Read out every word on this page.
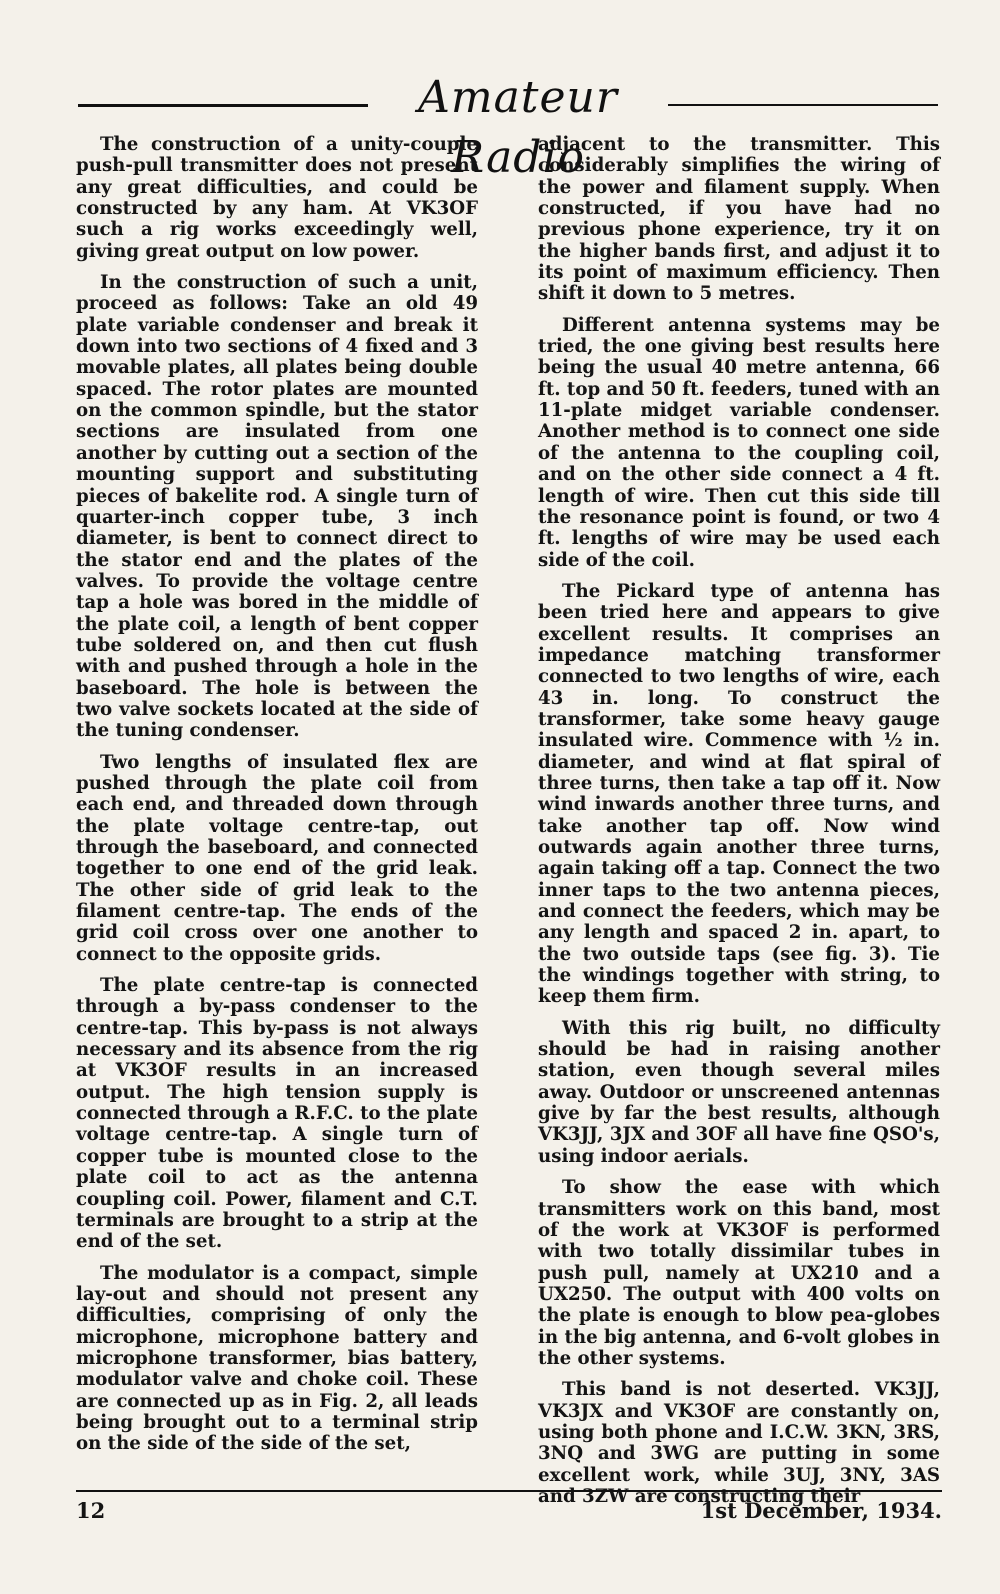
Amateur Radio

The construction of a unity-couple push-pull transmitter does not present any great difficulties, and could be constructed by any ham. At VK3OF such a rig works exceedingly well, giving great output on low power.

In the construction of such a unit, proceed as follows: Take an old 49 plate variable condenser and break it down into two sections of 4 fixed and 3 movable plates, all plates being double spaced. The rotor plates are mounted on the common spindle, but the stator sections are insulated from one another by cutting out a section of the mounting support and substituting pieces of bakelite rod. A single turn of quarter-inch copper tube, 3 inch diameter, is bent to connect direct to the stator end and the plates of the valves. To provide the voltage centre tap a hole was bored in the middle of the plate coil, a length of bent copper tube soldered on, and then cut flush with and pushed through a hole in the baseboard. The hole is between the two valve sockets located at the side of the tuning condenser.

Two lengths of insulated flex are pushed through the plate coil from each end, and threaded down through the plate voltage centre-tap, out through the baseboard, and connected together to one end of the grid leak. The other side of grid leak to the filament centre-tap. The ends of the grid coil cross over one another to connect to the opposite grids.

The plate centre-tap is connected through a by-pass condenser to the centre-tap. This by-pass is not always necessary and its absence from the rig at VK3OF results in an increased output. The high tension supply is connected through a R.F.C. to the plate voltage centre-tap. A single turn of copper tube is mounted close to the plate coil to act as the antenna coupling coil. Power, filament and C.T. terminals are brought to a strip at the end of the set.

The modulator is a compact, simple lay-out and should not present any difficulties, comprising of only the microphone, microphone battery and microphone transformer, bias battery, modulator valve and choke coil. These are connected up as in Fig. 2, all leads being brought out to a terminal strip on the side of the side of the set,

adjacent to the transmitter. This considerably simplifies the wiring of the power and filament supply. When constructed, if you have had no previous phone experience, try it on the higher bands first, and adjust it to its point of maximum efficiency. Then shift it down to 5 metres.

Different antenna systems may be tried, the one giving best results here being the usual 40 metre antenna, 66 ft. top and 50 ft. feeders, tuned with an 11-plate midget variable condenser. Another method is to connect one side of the antenna to the coupling coil, and on the other side connect a 4 ft. length of wire. Then cut this side till the resonance point is found, or two 4 ft. lengths of wire may be used each side of the coil.

The Pickard type of antenna has been tried here and appears to give excellent results. It comprises an impedance matching transformer connected to two lengths of wire, each 43 in. long. To construct the transformer, take some heavy gauge insulated wire. Commence with ½ in. diameter, and wind at flat spiral of three turns, then take a tap off it. Now wind inwards another three turns, and take another tap off. Now wind outwards again another three turns, again taking off a tap. Connect the two inner taps to the two antenna pieces, and connect the feeders, which may be any length and spaced 2 in. apart, to the two outside taps (see fig. 3). Tie the windings together with string, to keep them firm.

With this rig built, no difficulty should be had in raising another station, even though several miles away. Outdoor or unscreened antennas give by far the best results, although VK3JJ, 3JX and 3OF all have fine QSO's, using indoor aerials.

To show the ease with which transmitters work on this band, most of the work at VK3OF is performed with two totally dissimilar tubes in push pull, namely at UX210 and a UX250. The output with 400 volts on the plate is enough to blow pea-globes in the big antenna, and 6-volt globes in the other systems.

This band is not deserted. VK3JJ, VK3JX and VK3OF are constantly on, using both phone and I.C.W. 3KN, 3RS, 3NQ and 3WG are putting in some excellent work, while 3UJ, 3NY, 3AS and 3ZW are constructing their

12	1st December, 1934.
